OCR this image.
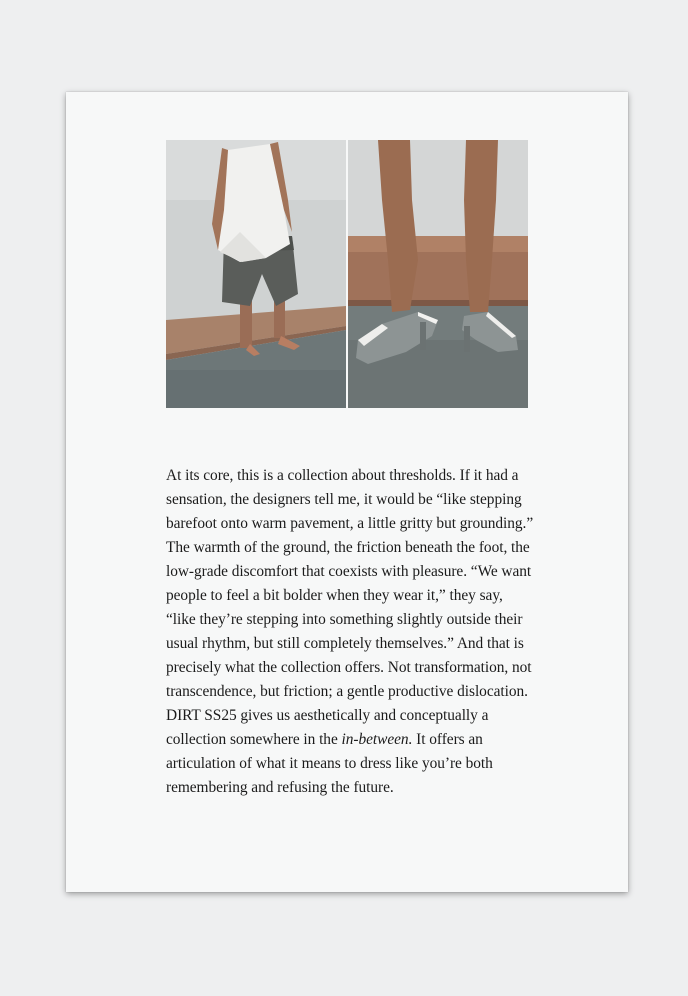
At its core, this is a collection about thresholds. If it had a sensation, the designers tell me, it would be “like stepping barefoot onto warm pavement, a little gritty but grounding.” The warmth of the ground, the friction beneath the foot, the low-grade discomfort that coexists with pleasure. “We want people to feel a bit bolder when they wear it,” they say, “like they’re stepping into something slightly outside their usual rhythm, but still completely themselves.” And that is precisely what the collection offers. Not transformation, not transcendence, but friction; a gentle productive dislocation. DIRT SS25 gives us aesthetically and conceptually a collection somewhere in the in-between. It offers an articulation of what it means to dress like you’re both remembering and refusing the future.
